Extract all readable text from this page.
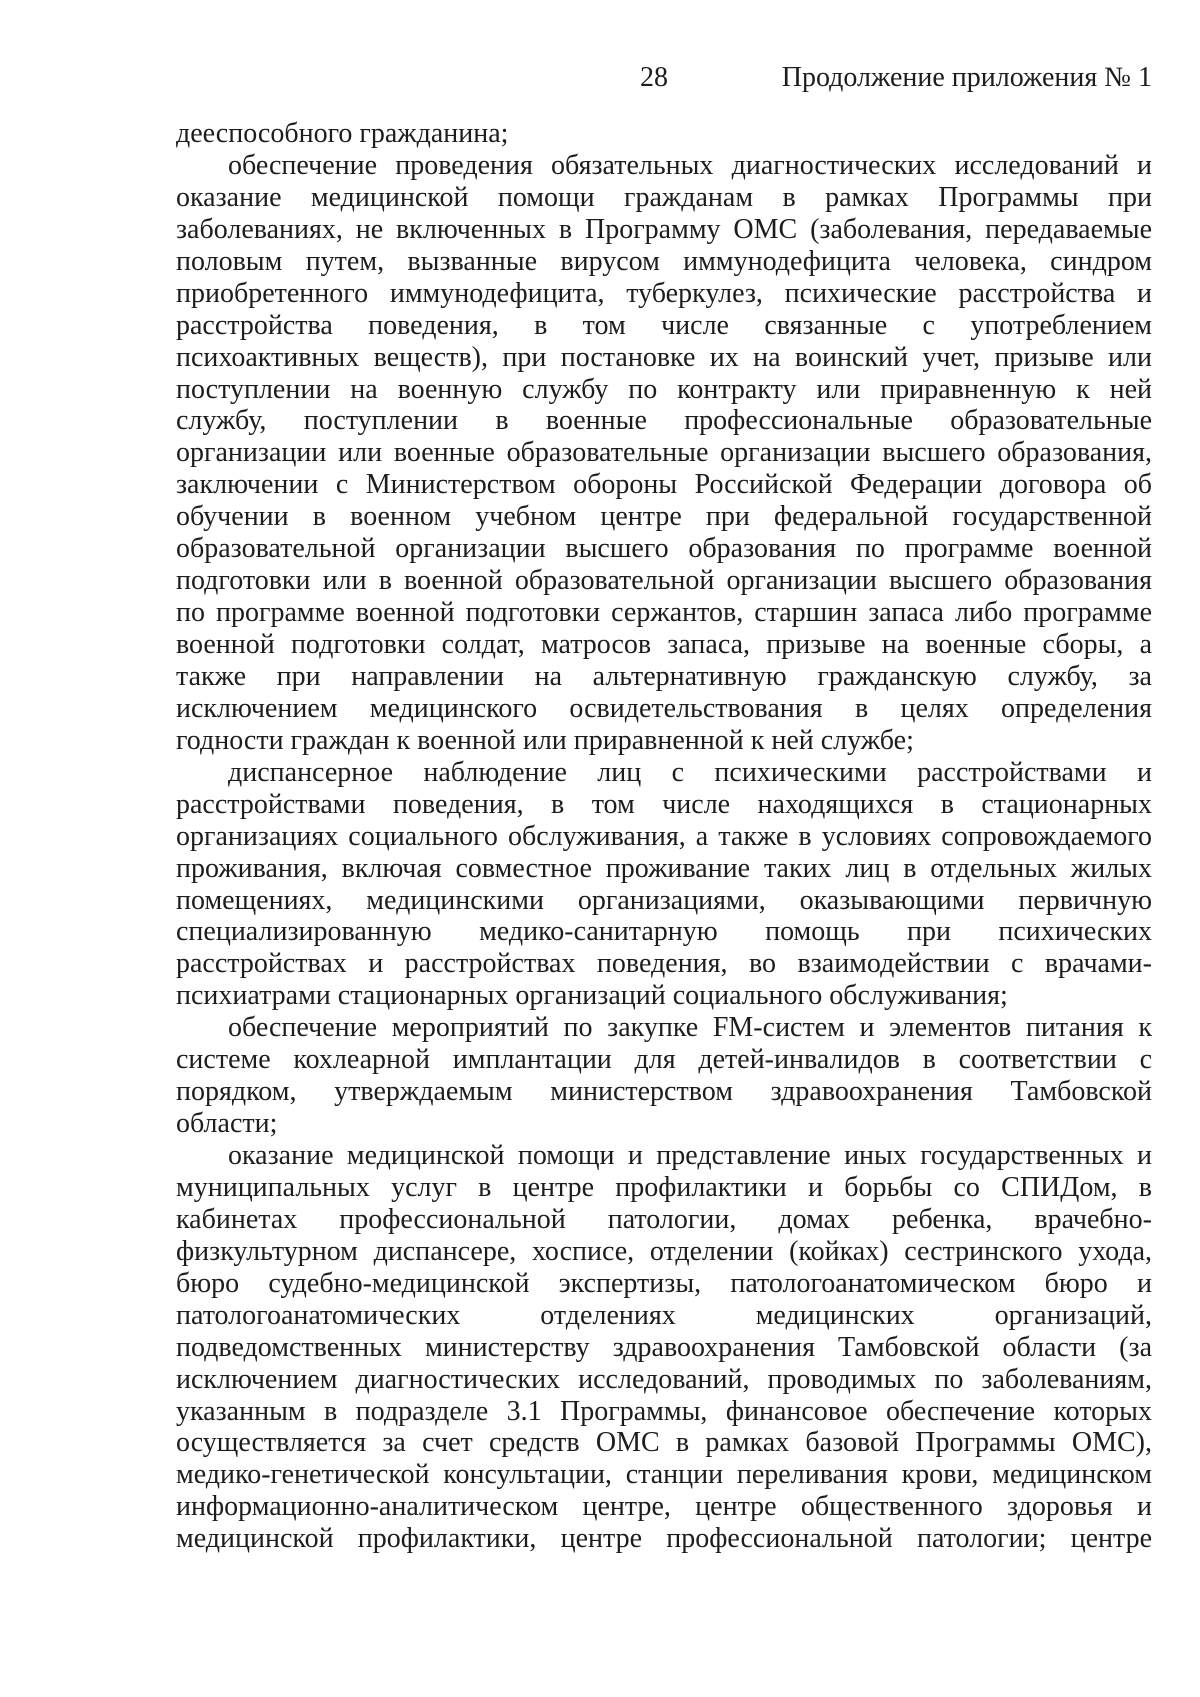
28	Продолжение приложения № 1
дееспособного гражданина;
обеспечение проведения обязательных диагностических исследований и
оказание медицинской помощи гражданам в рамках Программы при
заболеваниях, не включенных в Программу ОМС (заболевания, передаваемые
половым путем, вызванные вирусом иммунодефицита человека, синдром
приобретенного иммунодефицита, туберкулез, психические расстройства и
расстройства поведения, в том числе связанные с употреблением
психоактивных веществ), при постановке их на воинский учет, призыве или
поступлении на военную службу по контракту или приравненную к ней
службу, поступлении в военные профессиональные образовательные
организации или военные образовательные организации высшего образования,
заключении с Министерством обороны Российской Федерации договора об
обучении в военном учебном центре при федеральной государственной
образовательной организации высшего образования по программе военной
подготовки или в военной образовательной организации высшего образования
по программе военной подготовки сержантов, старшин запаса либо программе
военной подготовки солдат, матросов запаса, призыве на военные сборы, а
также при направлении на альтернативную гражданскую службу, за
исключением медицинского освидетельствования в целях определения
годности граждан к военной или приравненной к ней службе;
диспансерное наблюдение лиц с психическими расстройствами и
расстройствами поведения, в том числе находящихся в стационарных
организациях социального обслуживания, а также в условиях сопровождаемого
проживания, включая совместное проживание таких лиц в отдельных жилых
помещениях, медицинскими организациями, оказывающими первичную
специализированную медико-санитарную помощь при психических
расстройствах и расстройствах поведения, во взаимодействии с врачами-
психиатрами стационарных организаций социального обслуживания;
обеспечение мероприятий по закупке FM-систем и элементов питания к
системе кохлеарной имплантации для детей-инвалидов в соответствии с
порядком, утверждаемым министерством здравоохранения Тамбовской
области;
оказание медицинской помощи и представление иных государственных и
муниципальных услуг в центре профилактики и борьбы со СПИДом, в
кабинетах профессиональной патологии, домах ребенка, врачебно-
физкультурном диспансере, хосписе, отделении (койках) сестринского ухода,
бюро судебно-медицинской экспертизы, патологоанатомическом бюро и
патологоанатомических отделениях медицинских организаций,
подведомственных министерству здравоохранения Тамбовской области (за
исключением диагностических исследований, проводимых по заболеваниям,
указанным в подразделе 3.1 Программы, финансовое обеспечение которых
осуществляется за счет средств ОМС в рамках базовой Программы ОМС),
медико-генетической консультации, станции переливания крови, медицинском
информационно-аналитическом центре, центре общественного здоровья и
медицинской профилактики, центре профессиональной патологии; центре
